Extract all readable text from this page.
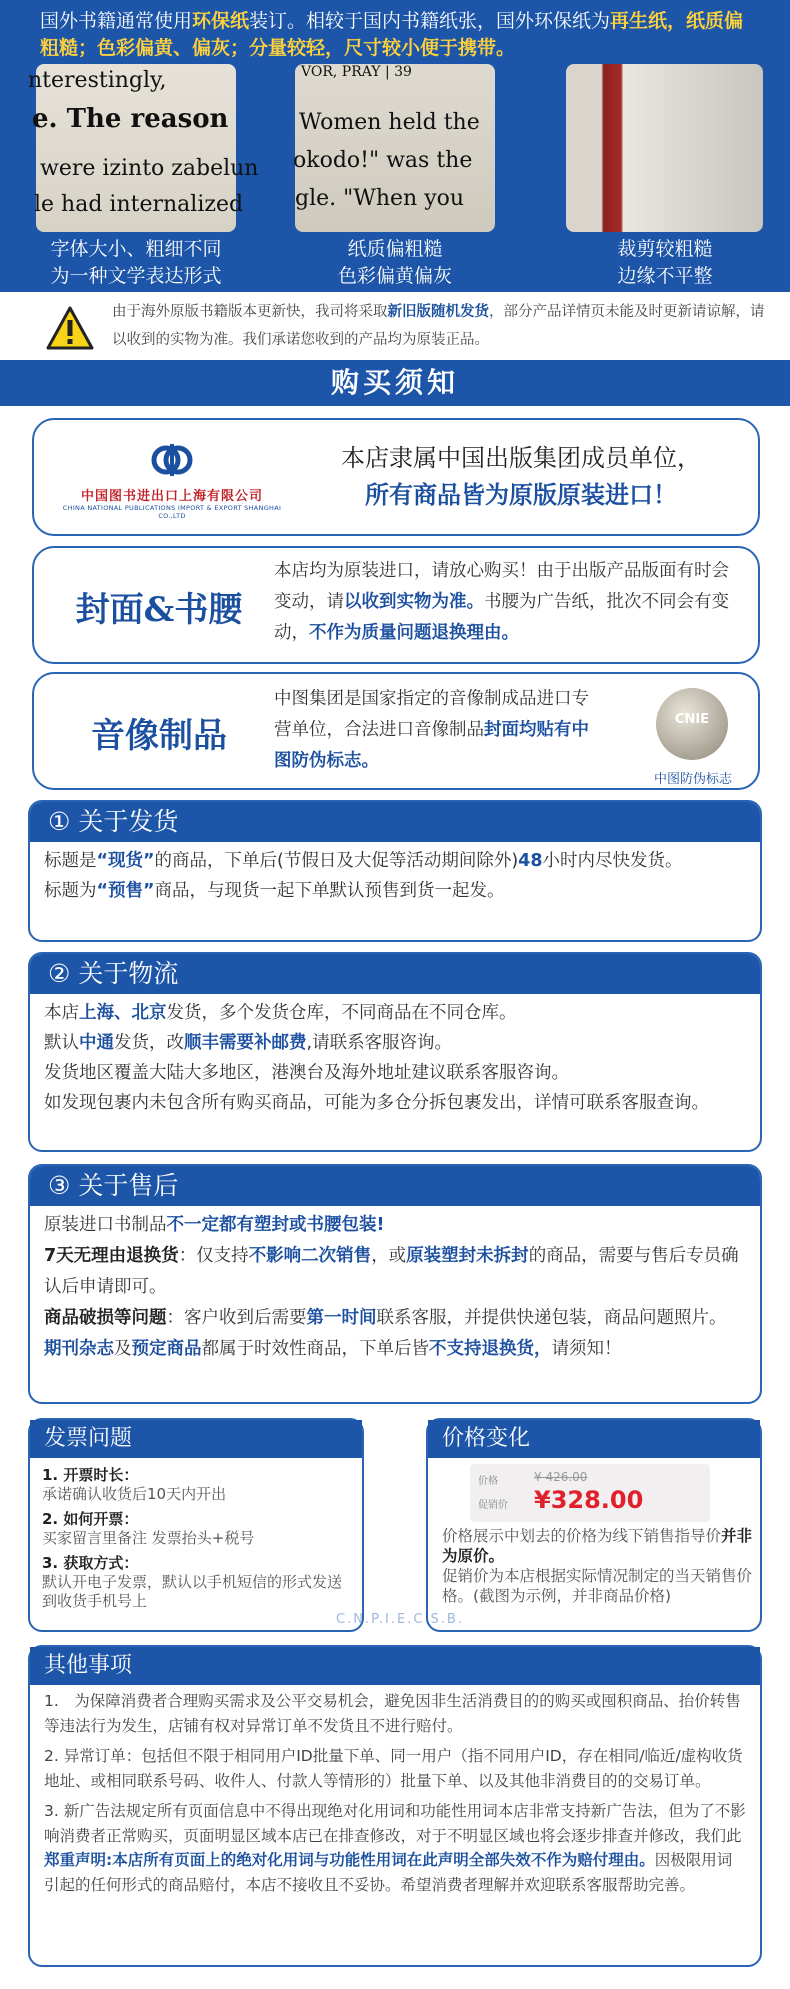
国外书籍通常使用环保纸装订。相较于国内书籍纸张，国外环保纸为再生纸，纸质偏粗糙；色彩偏黄、偏灰；分量较轻，尺寸较小便于携带。
nterestingly,
e. The reason
were izinto zabelun
le had internalized
VOR, PRAY | 39
Women held the
okodo!" was the
gle. "When you
字体大小、粗细不同
为一种文学表达形式
纸质偏粗糙
色彩偏黄偏灰
裁剪较粗糙
边缘不平整
由于海外原版书籍版本更新快，我司将采取新旧版随机发货，部分产品详情页未能及时更新请谅解，请以收到的实物为准。我们承诺您收到的产品均为原装正品。
购买须知
中国图书进出口上海有限公司
CHINA NATIONAL PUBLICATIONS IMPORT & EXPORT SHANGHAI CO.,LTD
本店隶属中国出版集团成员单位，
所有商品皆为原版原装进口！
封面&书腰
本店均为原装进口，请放心购买！由于出版产品版面有时会变动，请以收到实物为准。书腰为广告纸，批次不同会有变动，不作为质量问题退换理由。
音像制品
中图集团是国家指定的音像制成品进口专营单位，合法进口音像制品封面均贴有中图防伪标志。
CNIE
中图防伪标志
① 关于发货
标题是“现货”的商品，下单后(节假日及大促等活动期间除外)48小时内尽快发货。
标题为“预售”商品，与现货一起下单默认预售到货一起发。
② 关于物流
本店上海、北京发货，多个发货仓库，不同商品在不同仓库。
默认中通发货，改顺丰需要补邮费,请联系客服咨询。
发货地区覆盖大陆大多地区，港澳台及海外地址建议联系客服咨询。
如发现包裹内未包含所有购买商品，可能为多仓分拆包裹发出，详情可联系客服查询。
③ 关于售后
原装进口书制品不一定都有塑封或书腰包装!
7天无理由退换货：仅支持不影响二次销售，或原装塑封未拆封的商品，需要与售后专员确认后申请即可。
商品破损等问题：客户收到后需要第一时间联系客服，并提供快递包装，商品问题照片。
期刊杂志及预定商品都属于时效性商品，下单后皆不支持退换货，请须知！
发票问题
1. 开票时长：
承诺确认收货后10天内开出
2. 如何开票：
买家留言里备注 发票抬头+税号
3. 获取方式：
默认开电子发票，默认以手机短信的形式发送到收货手机号上
价格变化
价格	¥ 426.00
促销价 ¥328.00
价格展示中划去的价格为线下销售指导价并非为原价。
促销价为本店根据实际情况制定的当天销售价格。(截图为示例，并非商品价格)
C.N.P.I.E.C.S.B.
其他事项

1.　为保障消费者合理购买需求及公平交易机会，避免因非生活消费目的的购买或囤积商品、抬价转售等违法行为发生，店铺有权对异常订单不发货且不进行赔付。

2. 异常订单：包括但不限于相同用户ID批量下单、同一用户（指不同用户ID，存在相同/临近/虚构收货地址、或相同联系号码、收件人、付款人等情形的）批量下单、以及其他非消费目的的交易订单。

3. 新广告法规定所有页面信息中不得出现绝对化用词和功能性用词本店非常支持新广告法，但为了不影响消费者正常购买，页面明显区域本店已在排查修改，对于不明显区域也将会逐步排查并修改，我们此郑重声明:本店所有页面上的绝对化用词与功能性用词在此声明全部失效不作为赔付理由。因极限用词引起的任何形式的商品赔付，本店不接收且不妥协。希望消费者理解并欢迎联系客服帮助完善。
